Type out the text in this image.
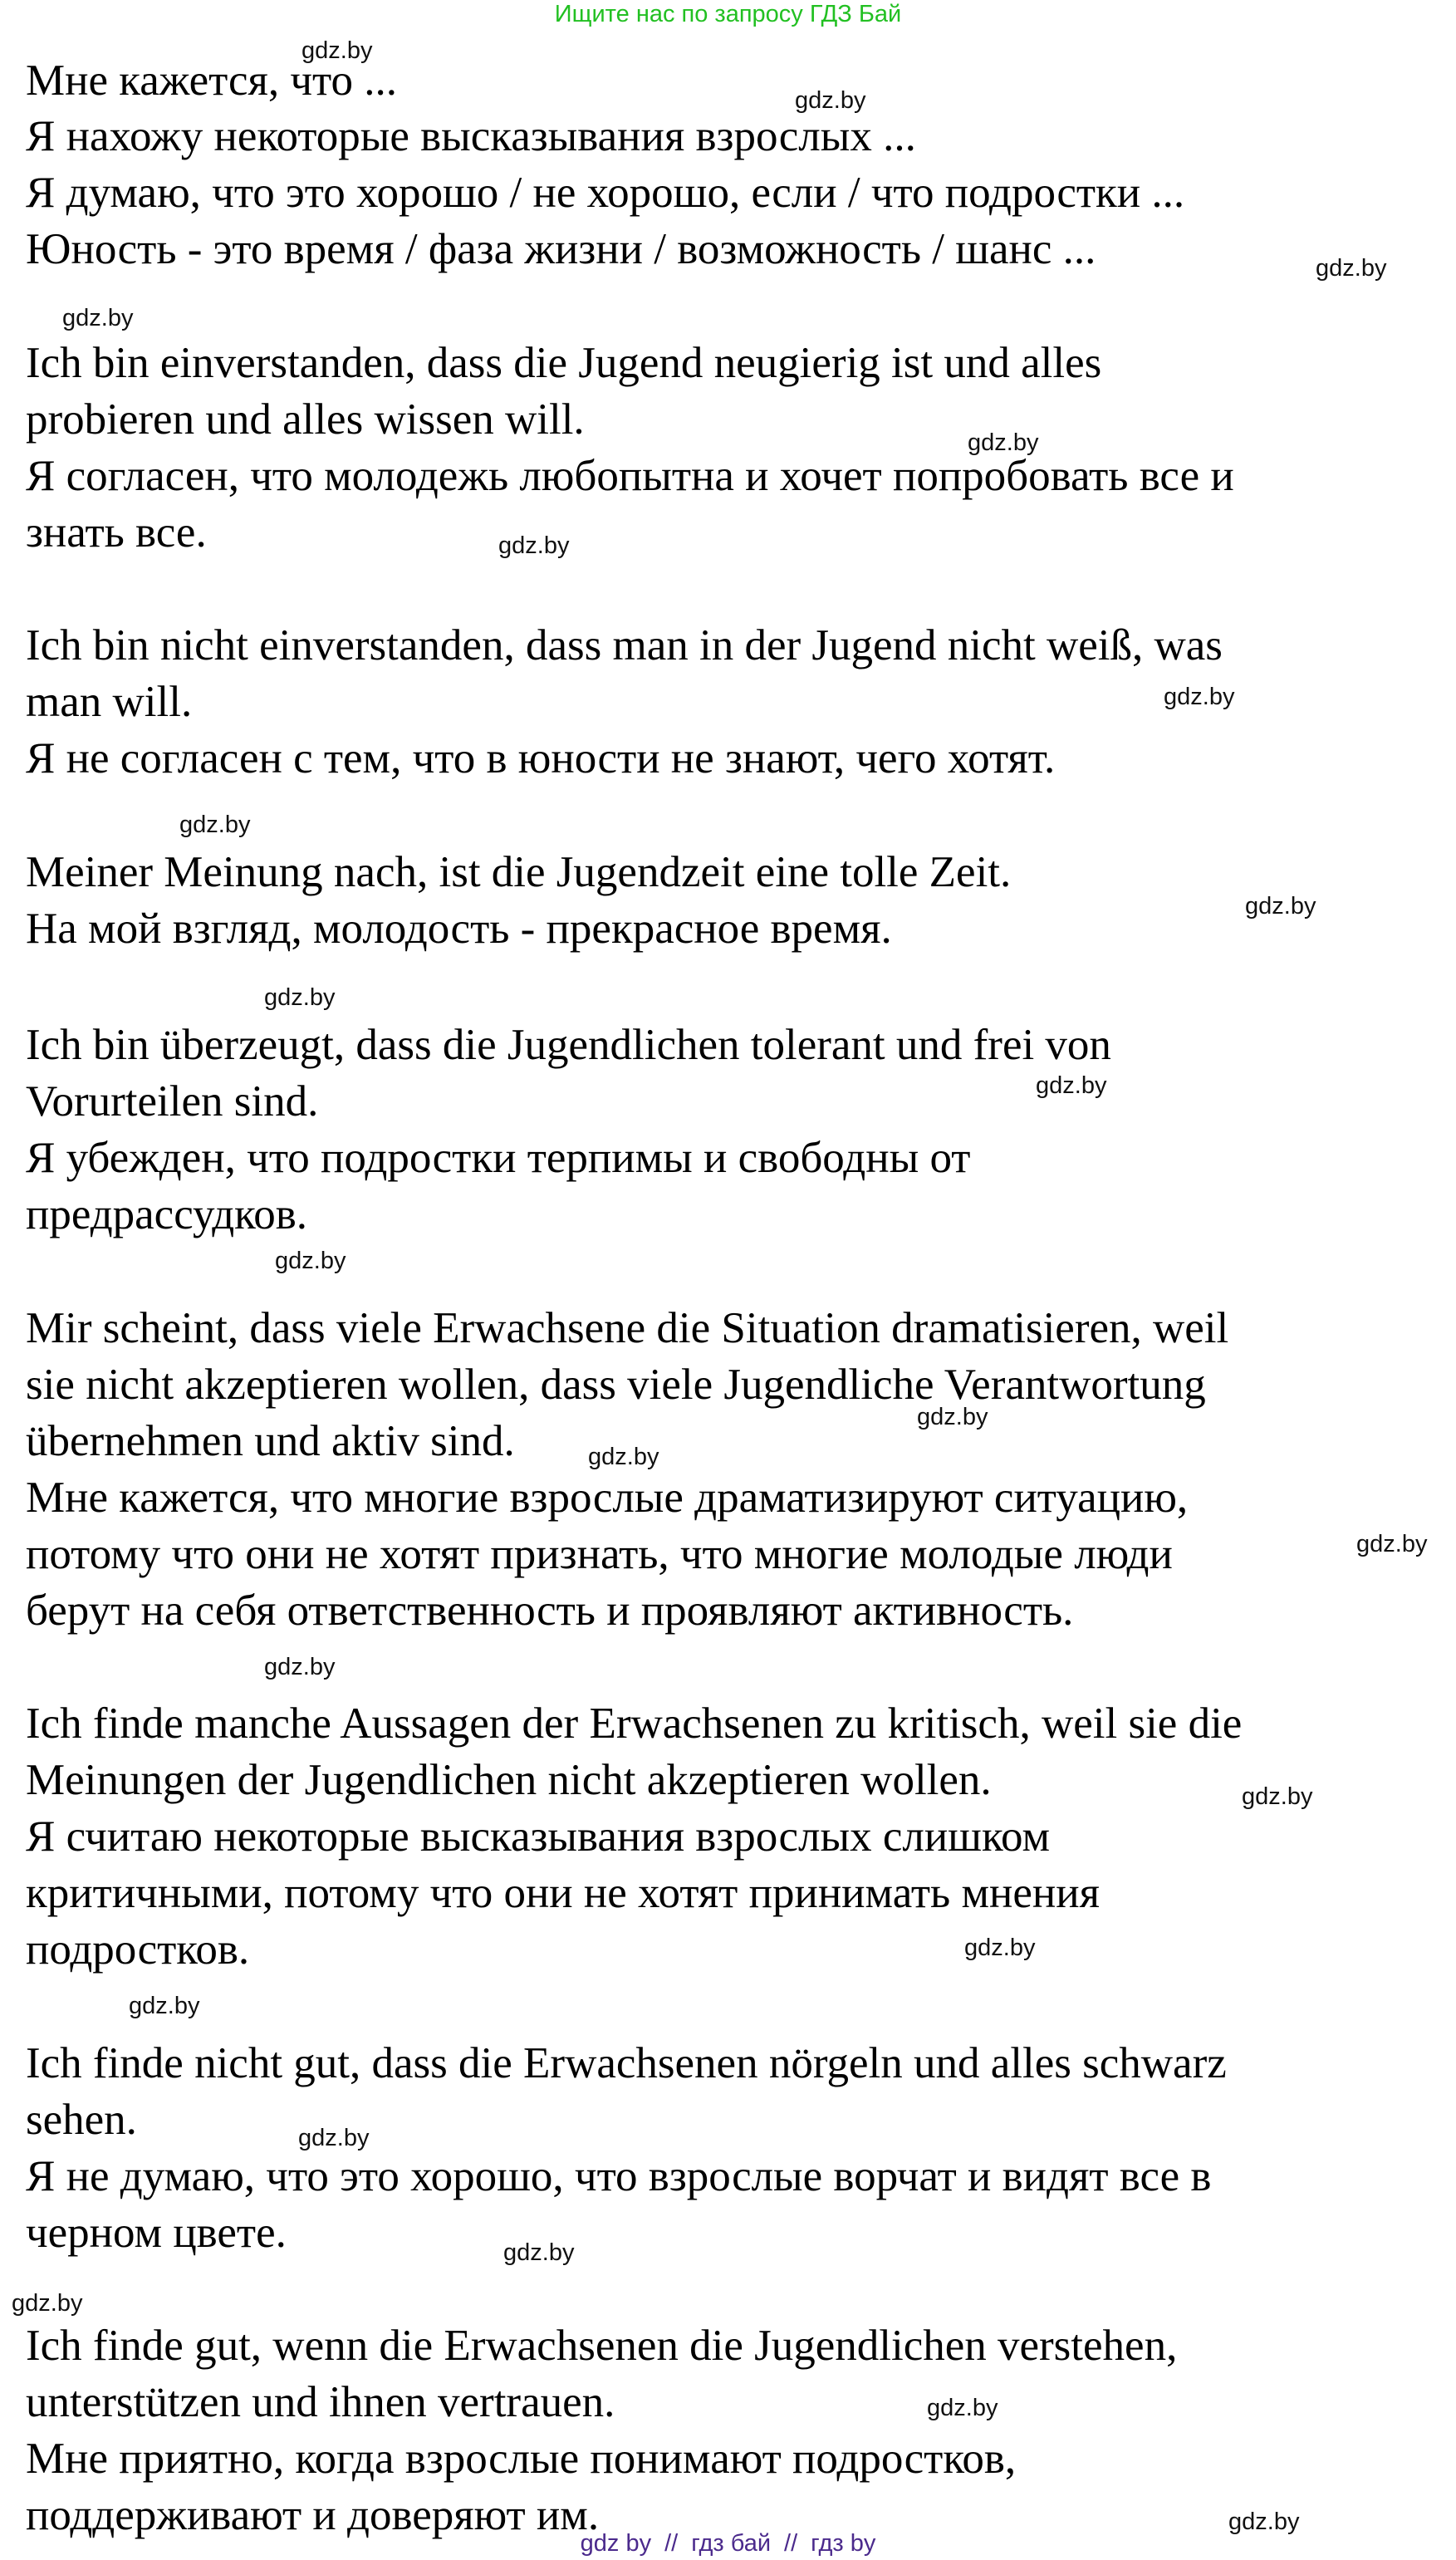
Ищите нас по запросу ГДЗ Бай
Мне кажется, что ...
Я нахожу некоторые высказывания взрослых ...
Я думаю, что это хорошо / не хорошо, если / что подростки ...
Юность - это время / фаза жизни / возможность / шанс ...
Ich bin einverstanden, dass die Jugend neugierig ist und alles
probieren und alles wissen will.
Я согласен, что молодежь любопытна и хочет попробовать все и
знать все.
Ich bin nicht einverstanden, dass man in der Jugend nicht weiß, was
man will.
Я не согласен с тем, что в юности не знают, чего хотят.
Meiner Meinung nach, ist die Jugendzeit eine tolle Zeit.
На мой взгляд, молодость - прекрасное время.
Ich bin überzeugt, dass die Jugendlichen tolerant und frei von
Vorurteilen sind.
Я убежден, что подростки терпимы и свободны от
предрассудков.
Mir scheint, dass viele Erwachsene die Situation dramatisieren, weil
sie nicht akzeptieren wollen, dass viele Jugendliche Verantwortung
übernehmen und aktiv sind.
Мне кажется, что многие взрослые драматизируют ситуацию,
потому что они не хотят признать, что многие молодые люди
берут на себя ответственность и проявляют активность.
Ich finde manche Aussagen der Erwachsenen zu kritisch, weil sie die
Meinungen der Jugendlichen nicht akzeptieren wollen.
Я считаю некоторые высказывания взрослых слишком
критичными, потому что они не хотят принимать мнения
подростков.
Ich finde nicht gut, dass die Erwachsenen nörgeln und alles schwarz
sehen.
Я не думаю, что это хорошо, что взрослые ворчат и видят все в
черном цвете.
Ich finde gut, wenn die Erwachsenen die Jugendlichen verstehen,
unterstützen und ihnen vertrauen.
Мне приятно, когда взрослые понимают подростков,
поддерживают и доверяют им.
gdz.by
gdz.by
gdz.by
gdz.by
gdz.by
gdz.by
gdz.by
gdz.by
gdz.by
gdz.by
gdz.by
gdz.by
gdz.by
gdz.by
gdz.by
gdz.by
gdz.by
gdz.by
gdz.by
gdz.by
gdz.by
gdz.by
gdz.by
gdz.by
gdz by // гдз бай // гдз by
